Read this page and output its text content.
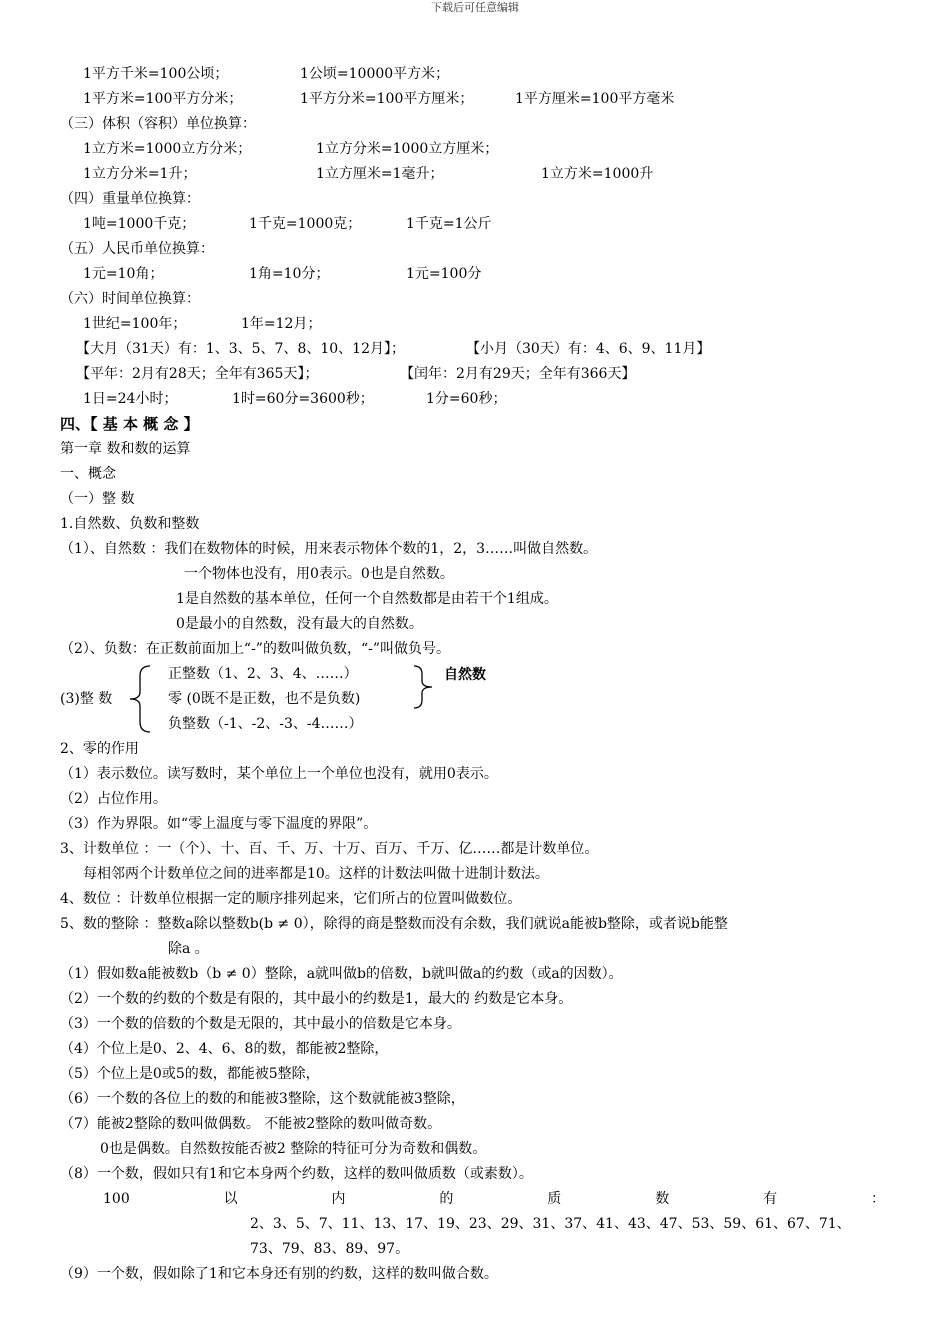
下载后可任意编辑
1平方千米=100公顷；	1公顷=10000平方米；
1平方米=100平方分米；	1平方分米=100平方厘米；	1平方厘米=100平方毫米
（三）体积（容积）单位换算：
1立方米=1000立方分米；	1立方分米=1000立方厘米；
1立方分米=1升；	1立方厘米=1毫升；	1立方米=1000升
（四）重量单位换算：
1吨=1000千克；	1千克=1000克；	1千克=1公斤
（五）人民币单位换算：
1元=10角；	1角=10分；	1元=100分
（六）时间单位换算：
1世纪=100年；	1年=12月；
【大月（31天）有：1、3、5、7、8、10、12月】；	【小月（30天）有：4、6、9、11月】
【平年：2月有28天；全年有365天】；	【闰年：2月有29天；全年有366天】
1日=24小时；	1时=60分=3600秒；	1分=60秒；
四、【 基 本 概 念 】
第一章 数和数的运算
一、概念
（一）整 数
1.自然数、负数和整数
（1）、自然数 ：我们在数物体的时候，用来表示物体个数的1，2，3……叫做自然数。
一个物体也没有，用0表示。0也是自然数。
1是自然数的基本单位，任何一个自然数都是由若干个1组成。
0是最小的自然数，没有最大的自然数。
（2）、负数：在正数前面加上“-”的数叫做负数，“-”叫做负号。
(3)整 数
正整数（1、2、3、4、……）
零 (0既不是正数，也不是负数)
负整数（-1、-2、-3、-4……）
自然数
2、零的作用
（1）表示数位。读写数时，某个单位上一个单位也没有，就用0表示。
（2）占位作用。
（3）作为界限。如“零上温度与零下温度的界限”。
3、计数单位 ：一（个）、十、百、千、万、十万、百万、千万、亿……都是计数单位。
每相邻两个计数单位之间的进率都是10。这样的计数法叫做十进制计数法。
4、数位 ：计数单位根据一定的顺序排列起来，它们所占的位置叫做数位。
5、数的整除 ：整数a除以整数b(b ≠ 0），除得的商是整数而没有余数，我们就说a能被b整除，或者说b能整
除a 。
（1）假如数a能被数b（b ≠ 0）整除，a就叫做b的倍数，b就叫做a的约数（或a的因数）。
（2）一个数的约数的个数是有限的，其中最小的约数是1，最大的 约数是它本身。
（3）一个数的倍数的个数是无限的，其中最小的倍数是它本身。
（4）个位上是0、2、4、6、8的数，都能被2整除，
（5）个位上是0或5的数，都能被5整除，
（6）一个数的各位上的数的和能被3整除，这个数就能被3整除，
（7）能被2整除的数叫做偶数。 不能被2整除的数叫做奇数。
0也是偶数。自然数按能否被2 整除的特征可分为奇数和偶数。
（8）一个数，假如只有1和它本身两个约数，这样的数叫做质数（或素数）。
100	以	内	的	质	数	有	：
2、3、5、7、11、13、17、19、23、29、31、37、41、43、47、53、59、61、67、71、
73、79、83、89、97。
（9）一个数，假如除了1和它本身还有别的约数，这样的数叫做合数。
